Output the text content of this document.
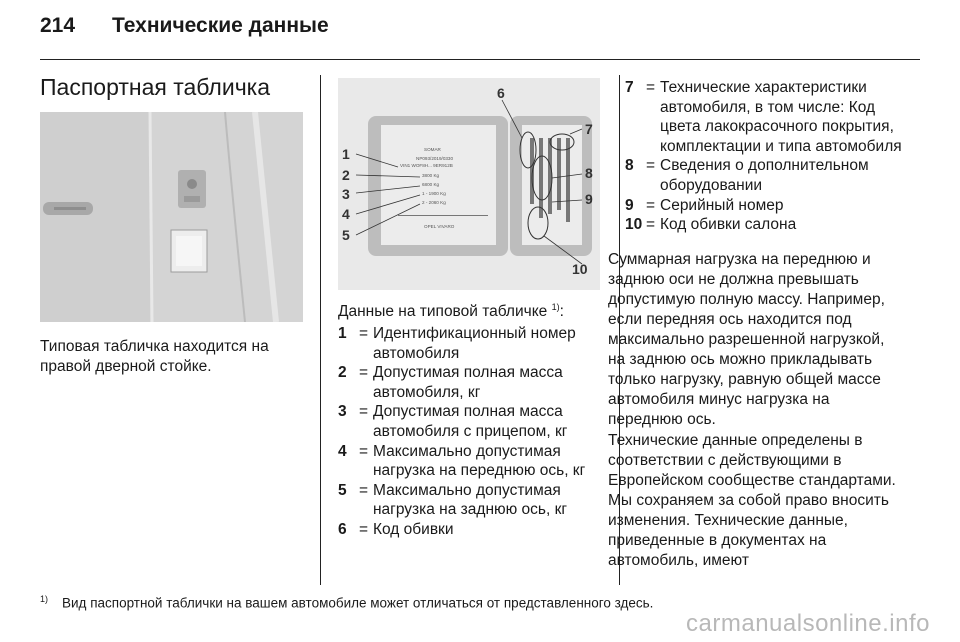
214 Технические данные
Паспортная табличка
Типовая табличка находится на правой дверной стойке.
SOMAR
NP093/2019/0330
VIN1 WOF8H... 9ER912B
3800 Kg
6800 Kg
1 - 1900 Kg
2 - 2060 Kg
OPEL VIVARO
1
2
3
4
5
6
7
8
9
10
Данные на типовой табличке $^{1)}$:
1 = Идентификационный номер автомобиля
2 = Допустимая полная масса автомобиля, кг
3 = Допустимая полная масса автомобиля с прицепом, кг
4 = Максимально допустимая нагрузка на переднюю ось, кг
5 = Максимально допустимая нагрузка на заднюю ось, кг
6 = Код обивки
7 = Технические характеристики автомобиля, в том числе: Код цвета лакокрасочного покрытия, комплектации и типа автомобиля
8 = Сведения о дополнительном оборудовании
9 = Серийный номер
10 = Код обивки салона
Суммарная нагрузка на переднюю и заднюю оси не должна превышать допустимую полную массу. Например, если передняя ось находится под максимально разрешенной нагрузкой, на заднюю ось можно прикладывать только нагрузку, равную общей массе автомобиля минус нагрузка на переднюю ось.
Технические данные определены в соответствии с действующими в Европейском сообществе стандартами. Мы сохраняем за собой право вносить изменения. Технические данные, приведенные в документах на автомобиль, имеют
$^{1)}$ Вид паспортной таблички на вашем автомобиле может отличаться от представленного здесь.
carmanualsonline.info
